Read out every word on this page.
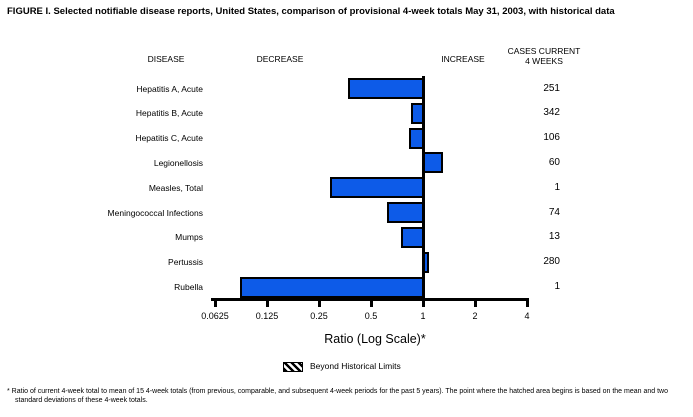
FIGURE I. Selected notifiable disease reports, United States, comparison of provisional 4-week totals May 31, 2003, with historical data
DISEASE	DECREASE	INCREASE
CASES CURRENT
4 WEEKS
Hepatitis A, Acute	251
Hepatitis B, Acute	342
Hepatitis C, Acute	106
Legionellosis	60
Measles, Total	1
Meningococcal Infections	74
Mumps	13
Pertussis	280
Rubella	1
0.0625	0.125	0.25	0.5	1	2	4
Ratio (Log Scale)*
Beyond Historical Limits
* Ratio of current 4-week total to mean of 15 4-week totals (from previous, comparable, and subsequent 4-week periods for the past 5 years). The point where the hatched area begins is based on the mean and two standard deviations of these 4-week totals.
